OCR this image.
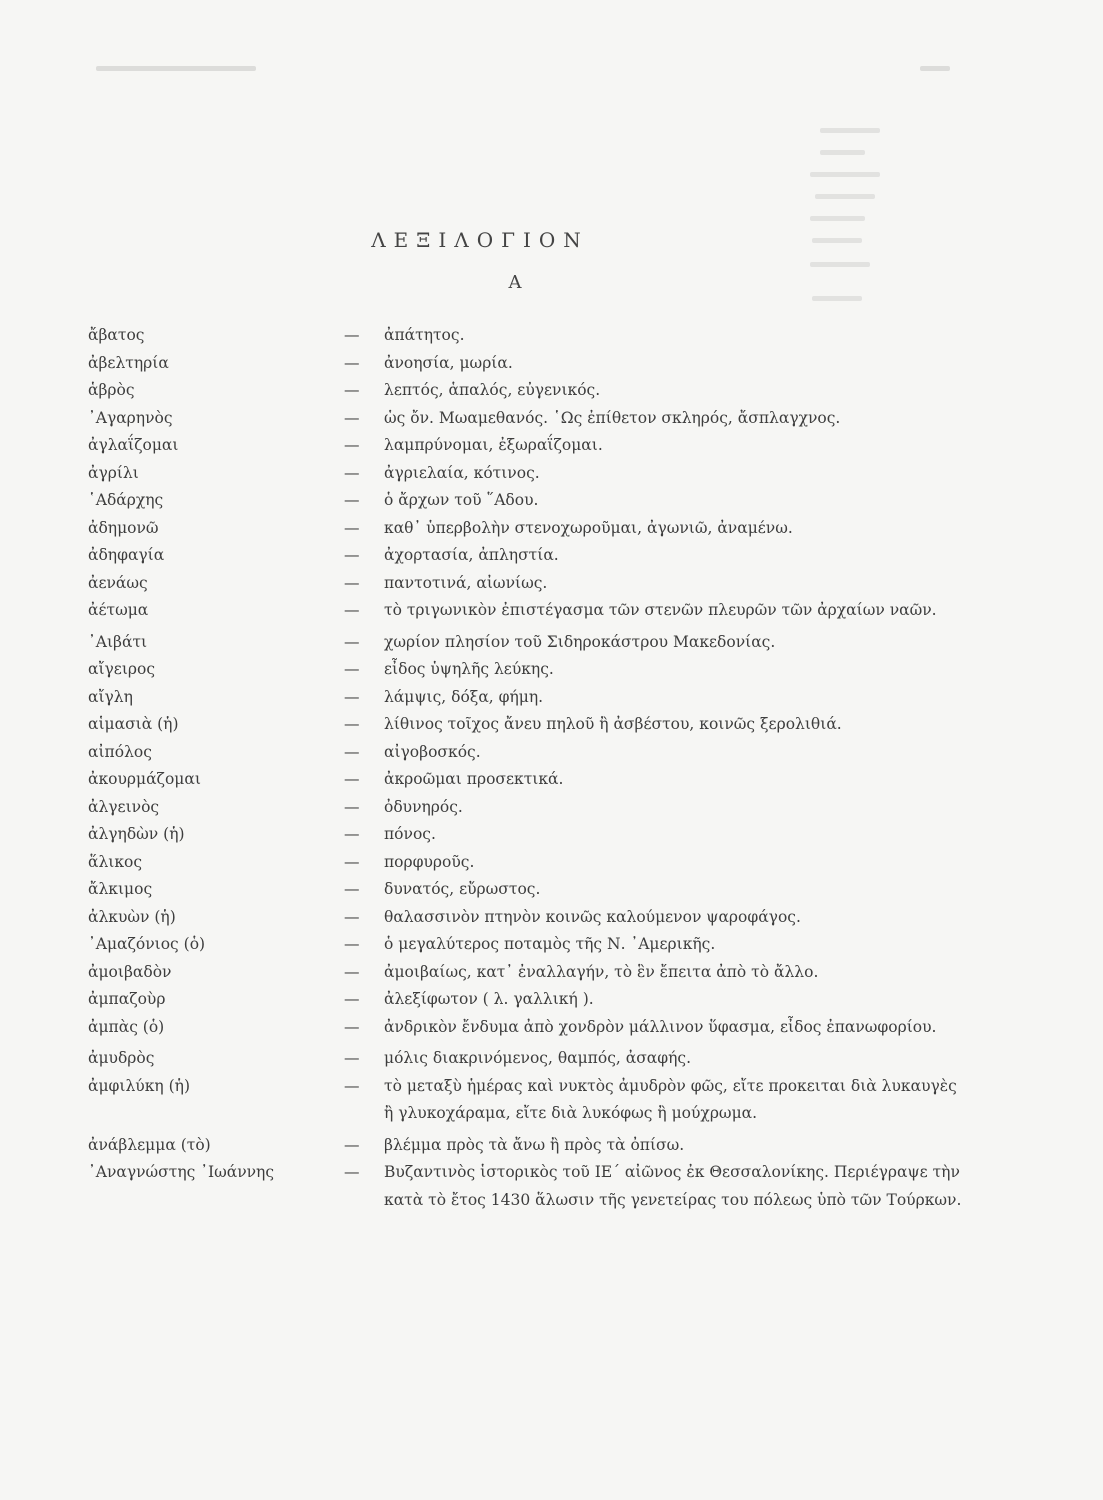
ΛΕΞΙΛΟΓΙΟΝ
Α
ἄβατος	—	ἀπάτητος.
ἀβελτηρία	—	ἀνοησία, μωρία.
ἁβρὸς	—	λεπτός, ἁπαλός, εὐγενικός.
᾿Αγαρηνὸς	—	ὡς ὄν. Μωαμεθανός. ῾Ως ἐπίθετον σκληρός, ἄσπλαγχνος.
ἀγλαΐζομαι	—	λαμπρύνομαι, ἐξωραΐζομαι.
ἀγρίλι	—	ἀγριελαία, κότινος.
῾Αδάρχης	—	ὁ ἄρχων τοῦ ῞Αδου.
ἀδημονῶ	—	καθ᾿ ὑπερβολὴν στενοχωροῦμαι, ἀγωνιῶ, ἀναμένω.
ἀδηφαγία	—	ἀχορτασία, ἀπληστία.
ἀενάως	—	παντοτινά, αἰωνίως.
ἀέτωμα	—	τὸ τριγωνικὸν ἐπιστέγασμα τῶν στενῶν πλευρῶν τῶν ἀρχαίων ναῶν.
᾿Αιβάτι	—	χωρίον πλησίον τοῦ Σιδηροκάστρου Μακεδονίας.
αἴγειρος	—	εἶδος ὑψηλῆς λεύκης.
αἴγλη	—	λάμψις, δόξα, φήμη.
αἱμασιὰ (ἡ)	—	λίθινος τοῖχος ἄνευ πηλοῦ ἢ ἀσβέστου, κοινῶς ξερολιθιά.
αἰπόλος	—	αἰγοβοσκός.
ἀκουρμάζομαι	—	ἀκροῶμαι προσεκτικά.
ἀλγεινὸς	—	ὀδυνηρός.
ἀλγηδὼν (ἡ)	—	πόνος.
ἅλικος	—	πορφυροῦς.
ἄλκιμος	—	δυνατός, εὔρωστος.
ἀλκυὼν (ἡ)	—	θαλασσινὸν πτηνὸν κοινῶς καλούμενον ψαροφάγος.
᾿Αμαζόνιος (ὁ)	—	ὁ μεγαλύτερος ποταμὸς τῆς Ν. ᾿Αμερικῆς.
ἀμοιβαδὸν	—	ἀμοιβαίως, κατ᾿ ἐναλλαγήν, τὸ ἓν ἔπειτα ἀπὸ τὸ ἄλλο.
ἀμπαζοὺρ	—	ἀλεξίφωτον ( λ. γαλλική ).
ἀμπὰς (ὁ)	—	ἀνδρικὸν ἔνδυμα ἀπὸ χονδρὸν μάλλινον ὕφασμα, εἶδος ἐπανωφορίου.
ἀμυδρὸς	—	μόλις διακρινόμενος, θαμπός, ἀσαφής.
ἀμφιλύκη (ἡ)	—	τὸ μεταξὺ ἡμέρας καὶ νυκτὸς ἀμυδρὸν φῶς, εἴτε προκειται διὰ λυκαυγὲς ἢ γλυκοχάραμα, εἴτε διὰ λυκόφως ἢ μούχρωμα.
ἀνάβλεμμα (τὸ)	—	βλέμμα πρὸς τὰ ἄνω ἢ πρὸς τὰ ὀπίσω.
᾿Αναγνώστης ᾿Ιωάννης	—	Βυζαντινὸς ἱστορικὸς τοῦ ΙΕ΄ αἰῶνος ἐκ Θεσσαλονίκης. Περιέγραψε τὴν κατὰ τὸ ἔτος 1430 ἅλωσιν τῆς γενετείρας του πόλεως ὑπὸ τῶν Τούρκων.
